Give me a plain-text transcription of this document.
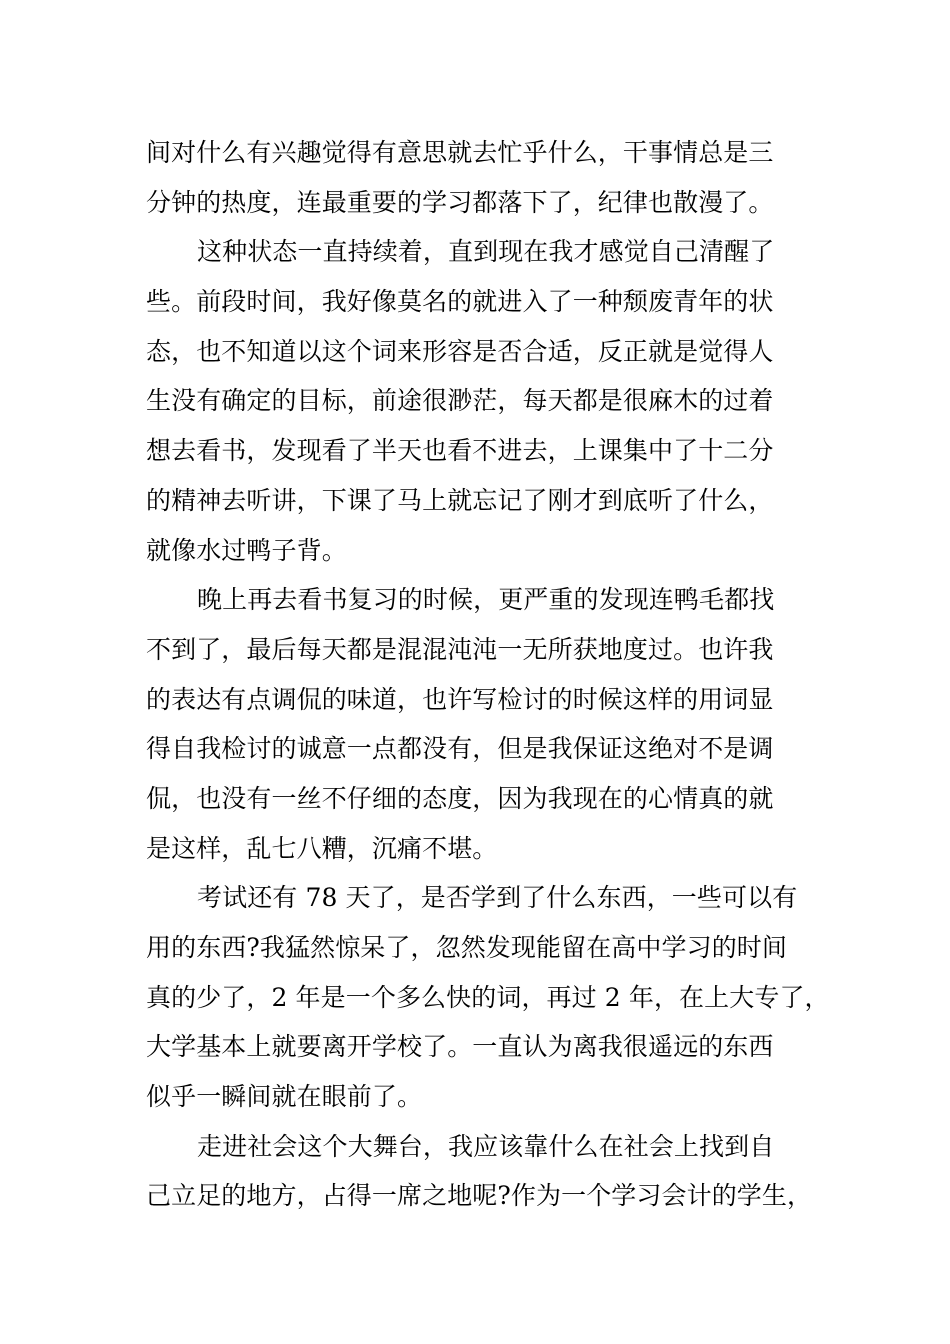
间对什么有兴趣觉得有意思就去忙乎什么，干事情总是三
分钟的热度，连最重要的学习都落下了，纪律也散漫了。
这种状态一直持续着，直到现在我才感觉自己清醒了
些。前段时间，我好像莫名的就进入了一种颓废青年的状
态，也不知道以这个词来形容是否合适，反正就是觉得人
生没有确定的目标，前途很渺茫，每天都是很麻木的过着
想去看书，发现看了半天也看不进去，上课集中了十二分
的精神去听讲，下课了马上就忘记了刚才到底听了什么，
就像水过鸭子背。
晚上再去看书复习的时候，更严重的发现连鸭毛都找
不到了，最后每天都是混混沌沌一无所获地度过。也许我
的表达有点调侃的味道，也许写检讨的时候这样的用词显
得自我检讨的诚意一点都没有，但是我保证这绝对不是调
侃，也没有一丝不仔细的态度，因为我现在的心情真的就
是这样，乱七八糟，沉痛不堪。
考试还有 78 天了，是否学到了什么东西，一些可以有
用的东西?我猛然惊呆了，忽然发现能留在高中学习的时间
真的少了，2 年是一个多么快的词，再过 2 年，在上大专了，
大学基本上就要离开学校了。一直认为离我很遥远的东西
似乎一瞬间就在眼前了。
走进社会这个大舞台，我应该靠什么在社会上找到自
己立足的地方，占得一席之地呢?作为一个学习会计的学生，
